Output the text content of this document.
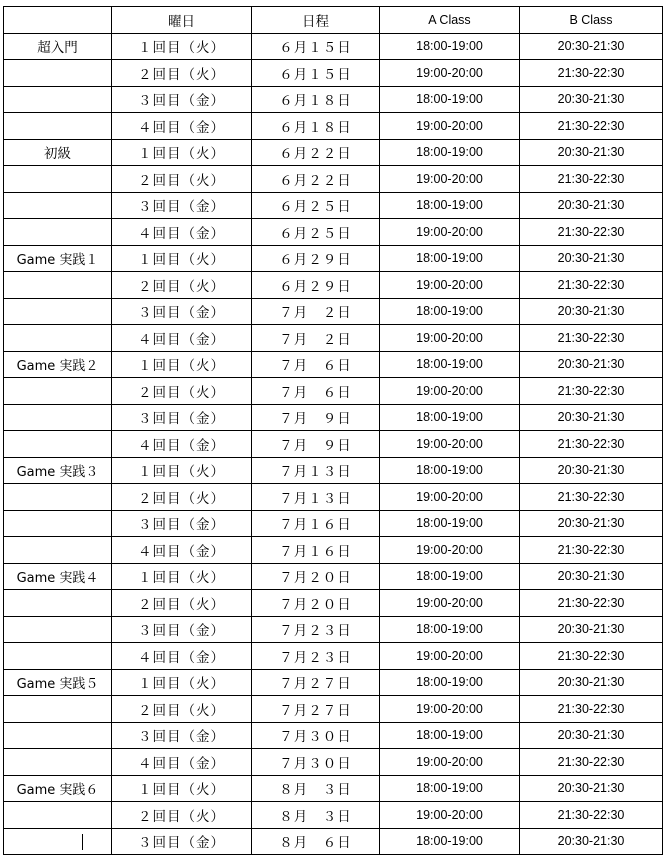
	曜日	日程	A Class	B Class
超入門	１回目（火）	６月１５日	18:00-19:00	20:30-21:30
	２回目（火）	６月１５日	19:00-20:00	21:30-22:30
	３回目（金）	６月１８日	18:00-19:00	20:30-21:30
	４回目（金）	６月１８日	19:00-20:00	21:30-22:30
初級	１回目（火）	６月２２日	18:00-19:00	20:30-21:30
	２回目（火）	６月２２日	19:00-20:00	21:30-22:30
	３回目（金）	６月２５日	18:00-19:00	20:30-21:30
	４回目（金）	６月２５日	19:00-20:00	21:30-22:30
Game 実践１	１回目（火）	６月２９日	18:00-19:00	20:30-21:30
	２回目（火）	６月２９日	19:00-20:00	21:30-22:30
	３回目（金）	７月　２日	18:00-19:00	20:30-21:30
	４回目（金）	７月　２日	19:00-20:00	21:30-22:30
Game 実践２	１回目（火）	７月　６日	18:00-19:00	20:30-21:30
	２回目（火）	７月　６日	19:00-20:00	21:30-22:30
	３回目（金）	７月　９日	18:00-19:00	20:30-21:30
	４回目（金）	７月　９日	19:00-20:00	21:30-22:30
Game 実践３	１回目（火）	７月１３日	18:00-19:00	20:30-21:30
	２回目（火）	７月１３日	19:00-20:00	21:30-22:30
	３回目（金）	７月１６日	18:00-19:00	20:30-21:30
	４回目（金）	７月１６日	19:00-20:00	21:30-22:30
Game 実践４	１回目（火）	７月２０日	18:00-19:00	20:30-21:30
	２回目（火）	７月２０日	19:00-20:00	21:30-22:30
	３回目（金）	７月２３日	18:00-19:00	20:30-21:30
	４回目（金）	７月２３日	19:00-20:00	21:30-22:30
Game 実践５	１回目（火）	７月２７日	18:00-19:00	20:30-21:30
	２回目（火）	７月２７日	19:00-20:00	21:30-22:30
	３回目（金）	７月３０日	18:00-19:00	20:30-21:30
	４回目（金）	７月３０日	19:00-20:00	21:30-22:30
Game 実践６	１回目（火）	８月　３日	18:00-19:00	20:30-21:30
	２回目（火）	８月　３日	19:00-20:00	21:30-22:30
	３回目（金）	８月　６日	18:00-19:00	20:30-21:30
